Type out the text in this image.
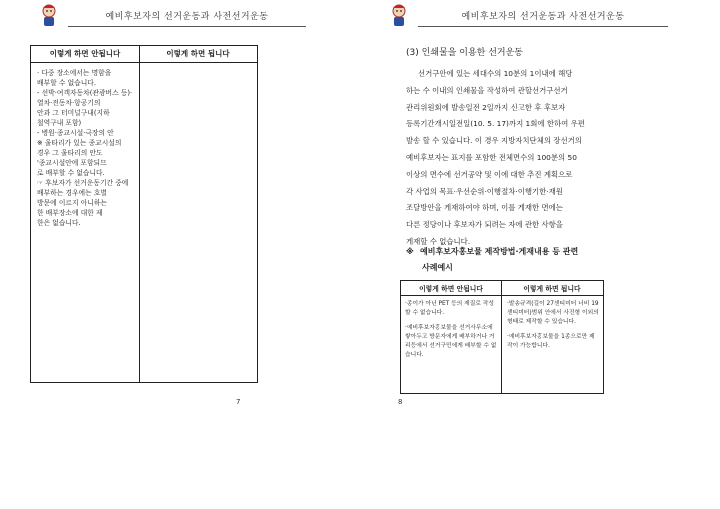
예비후보자의 선거운동과 사전선거운동
이렇게 하면 안됩니다	이렇게 하면 됩니다

· 다중 장소에서는 명함을

배부할 수 없습니다.

- 선박·여객자동차(관광버스 등)·

열차·전동차·항공기의

안과 그 터미널구내(지하

철역구내 포함)

- 병원·종교시설·극장의 안

※ 울타리가 있는 종교시설의

경우 그 울타리의 안도

'종교시설안에 포함되므

로 배부할 수 없습니다.

☞ 후보자가 선거운동기간 중에

배부하는 경우에는 호별

방문에 이르지 아니하는

한 배부장소에 대한 제

한은 없습니다.

7
예비후보자의 선거운동과 사전선거운동
(3) 인쇄물을 이용한 선거운동

선거구안에 있는 세대수의 10분의 1이내에 해당

하는 수 이내의 인쇄물을 작성하여 관할선거구선거

관리위원회에 발송일전 2일까지 신고한 후 후보자

등록기간개시일전일(10. 5. 17)까지 1회에 한하여 우편

발송 할 수 있습니다. 이 경우 지방자치단체의 장선거의

예비후보자는 표지를 포함한 전체면수의 100분의 50

이상의 면수에 선거공약 및 이에 대한 추진 계획으로

각 사업의 목표·우선순위·이행절차·이행기한·재원

조달방안을 게재하여야 하며, 이를 게재한 면에는

다른 정당이나 후보자가 되려는 자에 관한 사항을

게재할 수 없습니다.

※ 예비후보자홍보물 제작방법·게재내용 등 관련
사례예시
이렇게 하면 안됩니다	이렇게 하면 됩니다

·종이가 아닌 PET 등의 재질로 작성할 수 없습니다.

·예비후보자홍보물을 선거사무소에 쌓아두고 방문자에게 배부하거나 거리등에서 선거구민에게 배부할 수 없습니다.

·발송규격(길이 27센티미터 너비 19센티미터)범위 안에서 사진형 이외의 형태로 제작할 수 있습니다.

·예비후보자홍보물을 1종으로만 제작이 가능합니다.

8
